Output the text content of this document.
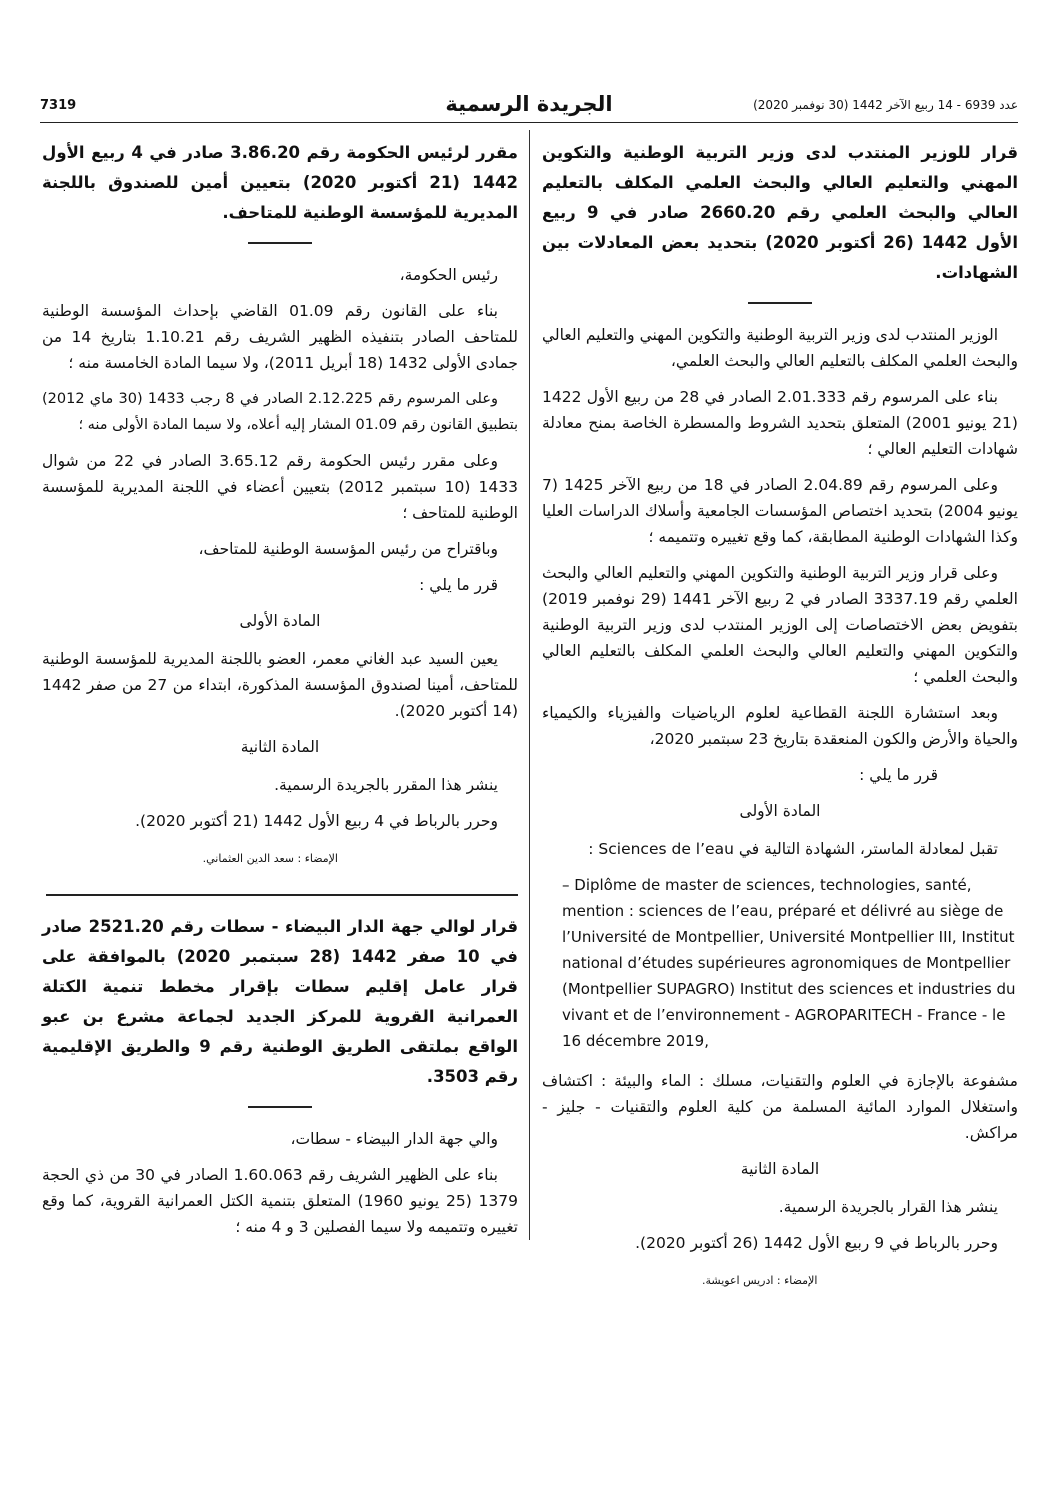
7319	الجريدة الرسمية	عدد 6939 - 14 ربيع الآخر 1442 (30 نوفمبر 2020)
قرار للوزير المنتدب لدى وزير التربية الوطنية والتكوين المهني والتعليم العالي والبحث العلمي المكلف بالتعليم العالي والبحث العلمي رقم 2660.20 صادر في 9 ربيع الأول 1442 (26 أكتوبر 2020) بتحديد بعض المعادلات بين الشهادات.

الوزير المنتدب لدى وزير التربية الوطنية والتكوين المهني والتعليم العالي والبحث العلمي المكلف بالتعليم العالي والبحث العلمي،

بناء على المرسوم رقم 2.01.333 الصادر في 28 من ربيع الأول 1422 (21 يونيو 2001) المتعلق بتحديد الشروط والمسطرة الخاصة بمنح معادلة شهادات التعليم العالي ؛

وعلى المرسوم رقم 2.04.89 الصادر في 18 من ربيع الآخر 1425 (7 يونيو 2004) بتحديد اختصاص المؤسسات الجامعية وأسلاك الدراسات العليا وكذا الشهادات الوطنية المطابقة، كما وقع تغييره وتتميمه ؛

وعلى قرار وزير التربية الوطنية والتكوين المهني والتعليم العالي والبحث العلمي رقم 3337.19 الصادر في 2 ربيع الآخر 1441 (29 نوفمبر 2019) بتفويض بعض الاختصاصات إلى الوزير المنتدب لدى وزير التربية الوطنية والتكوين المهني والتعليم العالي والبحث العلمي المكلف بالتعليم العالي والبحث العلمي ؛

وبعد استشارة اللجنة القطاعية لعلوم الرياضيات والفيزياء والكيمياء والحياة والأرض والكون المنعقدة بتاريخ 23 سبتمبر 2020،

قرر ما يلي :

المادة الأولى

تقبل لمعادلة الماستر، الشهادة التالية في Sciences de l’eau :

– Diplôme de master de sciences, technologies, santé, mention : sciences de l’eau, préparé et délivré au siège de l’Université de Montpellier, Université Montpellier III, Institut national d’études supérieures agronomiques de Montpellier (Montpellier SUPAGRO) Institut des sciences et industries du vivant et de l’environnement - AGROPARITECH - France - le 16 décembre 2019,

مشفوعة بالإجازة في العلوم والتقنيات، مسلك : الماء والبيئة : اكتشاف واستغلال الموارد المائية المسلمة من كلية العلوم والتقنيات - جليز - مراكش.

المادة الثانية

ينشر هذا القرار بالجريدة الرسمية.

وحرر بالرباط في 9 ربيع الأول 1442 (26 أكتوبر 2020).

الإمضاء : ادريس اعويشة.

مقرر لرئيس الحكومة رقم 3.86.20 صادر في 4 ربيع الأول 1442 (21 أكتوبر 2020) بتعيين أمين للصندوق باللجنة المديرية للمؤسسة الوطنية للمتاحف.

رئيس الحكومة،

بناء على القانون رقم 01.09 القاضي بإحداث المؤسسة الوطنية للمتاحف الصادر بتنفيذه الظهير الشريف رقم 1.10.21 بتاريخ 14 من جمادى الأولى 1432 (18 أبريل 2011)، ولا سيما المادة الخامسة منه ؛

وعلى المرسوم رقم 2.12.225 الصادر في 8 رجب 1433 (30 ماي 2012) بتطبيق القانون رقم 01.09 المشار إليه أعلاه، ولا سيما المادة الأولى منه ؛

وعلى مقرر رئيس الحكومة رقم 3.65.12 الصادر في 22 من شوال 1433 (10 سبتمبر 2012) بتعيين أعضاء في اللجنة المديرية للمؤسسة الوطنية للمتاحف ؛

وباقتراح من رئيس المؤسسة الوطنية للمتاحف،

قرر ما يلي :

المادة الأولى

يعين السيد عبد الغاني معمر، العضو باللجنة المديرية للمؤسسة الوطنية للمتاحف، أمينا لصندوق المؤسسة المذكورة، ابتداء من 27 من صفر 1442 (14 أكتوبر 2020).

المادة الثانية

ينشر هذا المقرر بالجريدة الرسمية.

وحرر بالرباط في 4 ربيع الأول 1442 (21 أكتوبر 2020).

الإمضاء : سعد الدين العثماني.

قرار لوالي جهة الدار البيضاء - سطات رقم 2521.20 صادر في 10 صفر 1442 (28 سبتمبر 2020) بالموافقة على قرار عامل إقليم سطات بإقرار مخطط تنمية الكتلة العمرانية القروية للمركز الجديد لجماعة مشرع بن عبو الواقع بملتقى الطريق الوطنية رقم 9 والطريق الإقليمية رقم 3503.

والي جهة الدار البيضاء - سطات،

بناء على الظهير الشريف رقم 1.60.063 الصادر في 30 من ذي الحجة 1379 (25 يونيو 1960) المتعلق بتنمية الكتل العمرانية القروية، كما وقع تغييره وتتميمه ولا سيما الفصلين 3 و 4 منه ؛
